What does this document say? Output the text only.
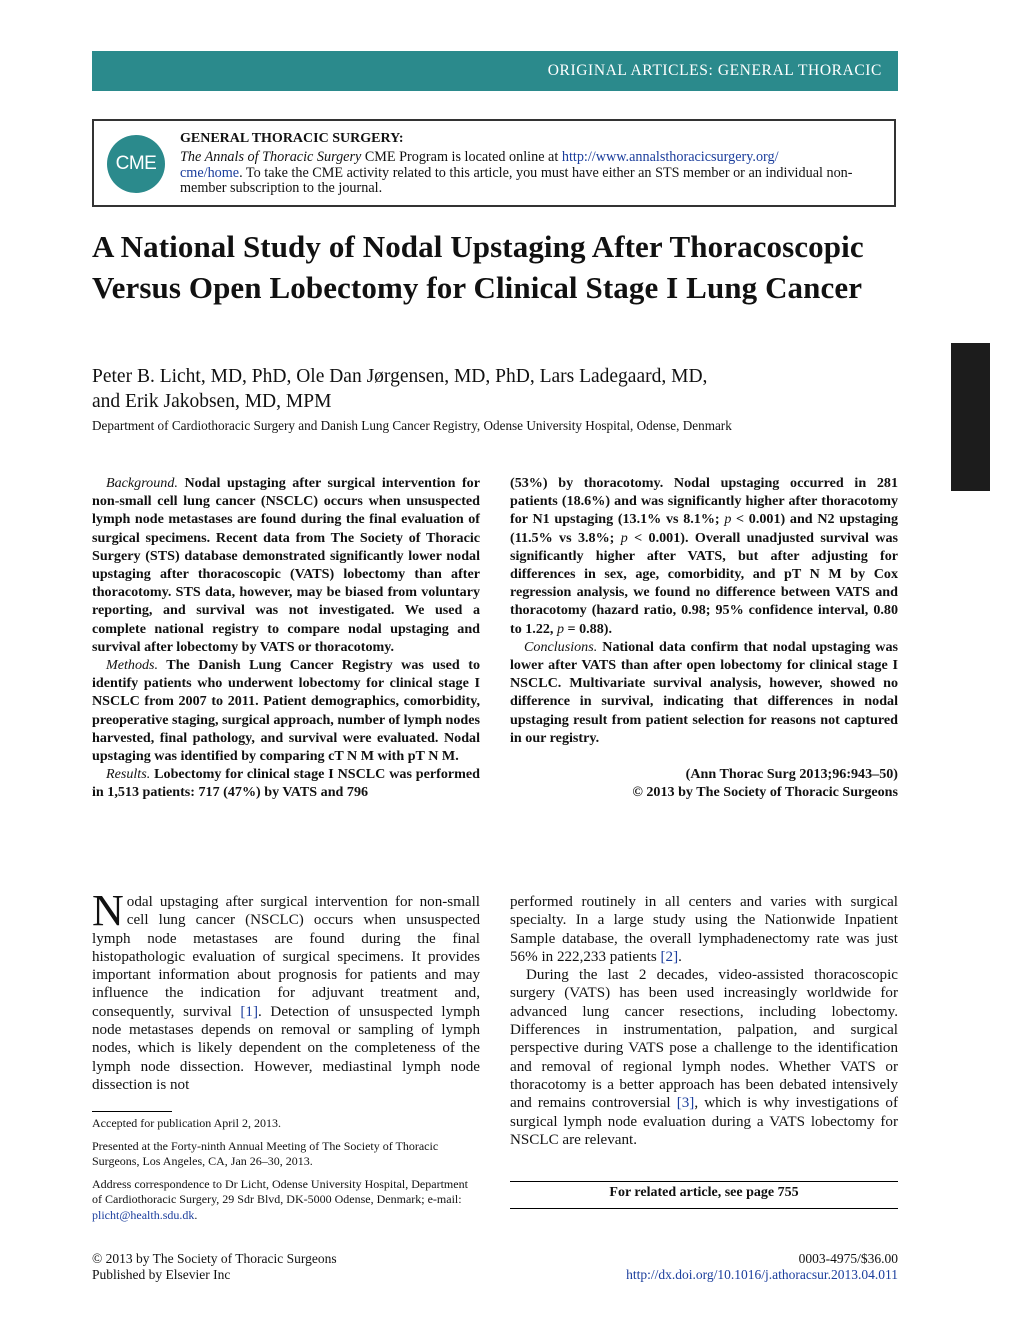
ORIGINAL ARTICLES: GENERAL THORACIC
CME
GENERAL THORACIC SURGERY:
The Annals of Thoracic Surgery CME Program is located online at http://www.annalsthoracicsurgery.org/
cme/home. To take the CME activity related to this article, you must have either an STS member or an individual non-member subscription to the journal.
GENERAL THORACIC
A National Study of Nodal Upstaging After Thoracoscopic Versus Open Lobectomy for Clinical Stage I Lung Cancer
Peter B. Licht, MD, PhD, Ole Dan Jørgensen, MD, PhD, Lars Ladegaard, MD,
and Erik Jakobsen, MD, MPM
Department of Cardiothoracic Surgery and Danish Lung Cancer Registry, Odense University Hospital, Odense, Denmark

Background. Nodal upstaging after surgical intervention for non-small cell lung cancer (NSCLC) occurs when unsuspected lymph node metastases are found during the final evaluation of surgical specimens. Recent data from The Society of Thoracic Surgery (STS) database demonstrated significantly lower nodal upstaging after thoracoscopic (VATS) lobectomy than after thoracotomy. STS data, however, may be biased from voluntary reporting, and survival was not investigated. We used a complete national registry to compare nodal upstaging and survival after lobectomy by VATS or thoracotomy.

Methods. The Danish Lung Cancer Registry was used to identify patients who underwent lobectomy for clinical stage I NSCLC from 2007 to 2011. Patient demographics, comorbidity, preoperative staging, surgical approach, number of lymph nodes harvested, final pathology, and survival were evaluated. Nodal upstaging was identified by comparing cT N M with pT N M.

Results. Lobectomy for clinical stage I NSCLC was performed in 1,513 patients: 717 (47%) by VATS and 796

(53%) by thoracotomy. Nodal upstaging occurred in 281 patients (18.6%) and was significantly higher after thoracotomy for N1 upstaging (13.1% vs 8.1%; p < 0.001) and N2 upstaging (11.5% vs 3.8%; p < 0.001). Overall unadjusted survival was significantly higher after VATS, but after adjusting for differences in sex, age, comorbidity, and pT N M by Cox regression analysis, we found no difference between VATS and thoracotomy (hazard ratio, 0.98; 95% confidence interval, 0.80 to 1.22, p = 0.88).

Conclusions. National data confirm that nodal upstaging was lower after VATS than after open lobectomy for clinical stage I NSCLC. Multivariate survival analysis, however, showed no difference in survival, indicating that differences in nodal upstaging result from patient selection for reasons not captured in our registry.

(Ann Thorac Surg 2013;96:943–50)
© 2013 by The Society of Thoracic Surgeons

Nodal upstaging after surgical intervention for non-small cell lung cancer (NSCLC) occurs when unsuspected lymph node metastases are found during the final histopathologic evaluation of surgical specimens. It provides important information about prognosis for patients and may influence the indication for adjuvant treatment and, consequently, survival [1]. Detection of unsuspected lymph node metastases depends on removal or sampling of lymph nodes, which is likely dependent on the completeness of the lymph node dissection. However, mediastinal lymph node dissection is not

performed routinely in all centers and varies with surgical specialty. In a large study using the Nationwide Inpatient Sample database, the overall lymphadenectomy rate was just 56% in 222,233 patients [2].

During the last 2 decades, video-assisted thoracoscopic surgery (VATS) has been used increasingly worldwide for advanced lung cancer resections, including lobectomy. Differences in instrumentation, palpation, and surgical perspective during VATS pose a challenge to the identification and removal of regional lymph nodes. Whether VATS or thoracotomy is a better approach has been debated intensively and remains controversial [3], which is why investigations of surgical lymph node evaluation during a VATS lobectomy for NSCLC are relevant.

Accepted for publication April 2, 2013.

Presented at the Forty-ninth Annual Meeting of The Society of Thoracic Surgeons, Los Angeles, CA, Jan 26–30, 2013.

Address correspondence to Dr Licht, Odense University Hospital, Department of Cardiothoracic Surgery, 29 Sdr Blvd, DK-5000 Odense, Denmark; e-mail: plicht@health.sdu.dk.

For related article, see page 755
© 2013 by The Society of Thoracic Surgeons
Published by Elsevier Inc
0003-4975/$36.00
http://dx.doi.org/10.1016/j.athoracsur.2013.04.011
